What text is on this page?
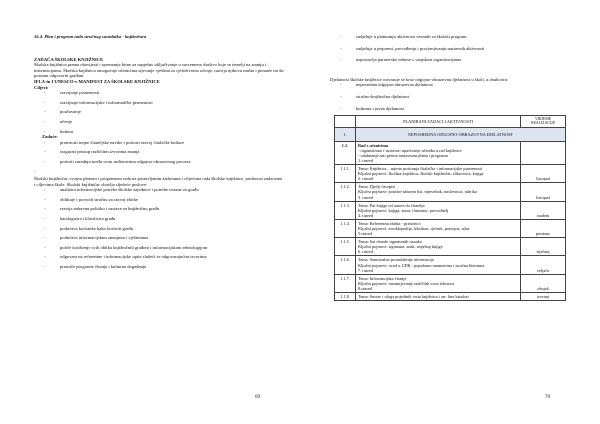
16.4. Plan i program rada stručnog suradnika - knjižničara
ZADAĆA ŠKOLSKE KNJIŽNICE
Školska knjižnica prema obavijesti i spremanje bitne za uspješno uključivanje u suvremeno društvo koje se temelji na znanju i informacijama. Školska knjižnica omogućuje učenicima stjecanje vještina za cjeloživotno učenje, razvija njihovu maštu i pomaže im da postanu odgovorni građani.
IFLA-in I UNESCO-v MANIFEST ZA ŠKOLSKE KNJIŽNICE
Ciljevi:
- razvijanje pismenosti
- razvijanje informacijske i informatičke pismenosti
- poučavanje
- učenje
- kultura
Zadaće:
- promicati trajne čitateljske navike i poticati razvoj čitalačke kulture
- osigurati pristup različitim izvorima znanja
- poticati suradnju među svim sudionicima odgojno-obrazovnog procesa
-
Školski knjižničar, svojim planom i programom rada na postavljanim zadaćama i ciljevima rada školske knjižnice, pridonosi zadaćama i ciljevima škole. Školski knjižničar obavlja sljedeće poslove:
- analizira informacijske potrebe školske zajednice i potrebe vezane za građu
- oblikuje i provodi stručnu za razvoj zbirke
- razvija nabavnu politiku i sustave za knjižničnu građu
- katalogizira i klasificira građu
- podučava korisnike kako koristiti građu
- podučava informacijskim znanjima i vještinama
- potiče korištenje svih oblika knjižničnih građom i informacijskom tehnologijom
- odgovara na referentne i informacijske upite služeći se odgovarajućim izvorima
- promiče programe čitanja i kulturna događanja
69
- sudjeluje u planiranju aktivnosti vezanih za školski program
- sudjeluje u pripremi, provođenju i procjenjivanju nastavnih aktivnosti
- uspostavlja partnerske odnose s vanjskim organizacijama
Djelatnost školske knjižnice ostvaruje se kroz odgojno-obrazovnu djelatnost u školi, a obuhvaća:
- neposredna odgojno-obrazovna djelatnost
- stručno-knjižnična djelatnost
- kulturna i javna djelatnost
	PLANIRANI ZADACI I AKTIVNOSTI	VRIJEME REALIZACIJE
1.	NEPOSREDNA ODGOJNO-OBRAZOVNA DJELATNOST	
1.1.	Rad s učenicima
- organizirano i sustavno upućivanje učenika u rad knjižnice
- odabiranje sati prema nastavnom planu i programu
1. razred	

1.1.1.	Tema: Knjižnica – mjesto poticanja čitalačke i informacijske pismenosti
Ključni pojmovi: školska knjižnica, školski knjižničar, slikovnica, knjiga
2. razred	listopad
1.1.2.	Tema: Dječji časopisi
Ključni pojmovi: poučno-zabavni list, mjesečnik, naslovnica, rubrika
3. razred	listopad
1.1.3.	Tema: Put knjige od autora do čitatelja
Ključni pojmovi: knjiga, autor, ilustrator, prevoditelj
4. razred	studeni
1.1.4.	Tema: Referentna zbirka - priručnici
Ključni pojmovi: enciklopedija, leksikon, rječnik, pravopis, atlas
5.razred	prosinac
1.1.5.	Tema: Sat obrade signaturnih oznaka
Ključni pojmovi: signatura, znak, smještaj knjige
6. razred	siječanj
1.1.6.	Tema: Samostalno pronalaženje informacija
Ključni pojmovi: uvod u UDK : popularno-znanstvena i stručna literatura
7. razred	veljača
1.1.7.	Tema: Informacijsko čitanje
Ključni pojmovi: razumijevanje različitih vrsta tekstova
8.razred	ožujak
1.1.8.	Tema: Sustav i uloga pojedinih vrsta knjižnica i on- line katalozi	travanj
70
